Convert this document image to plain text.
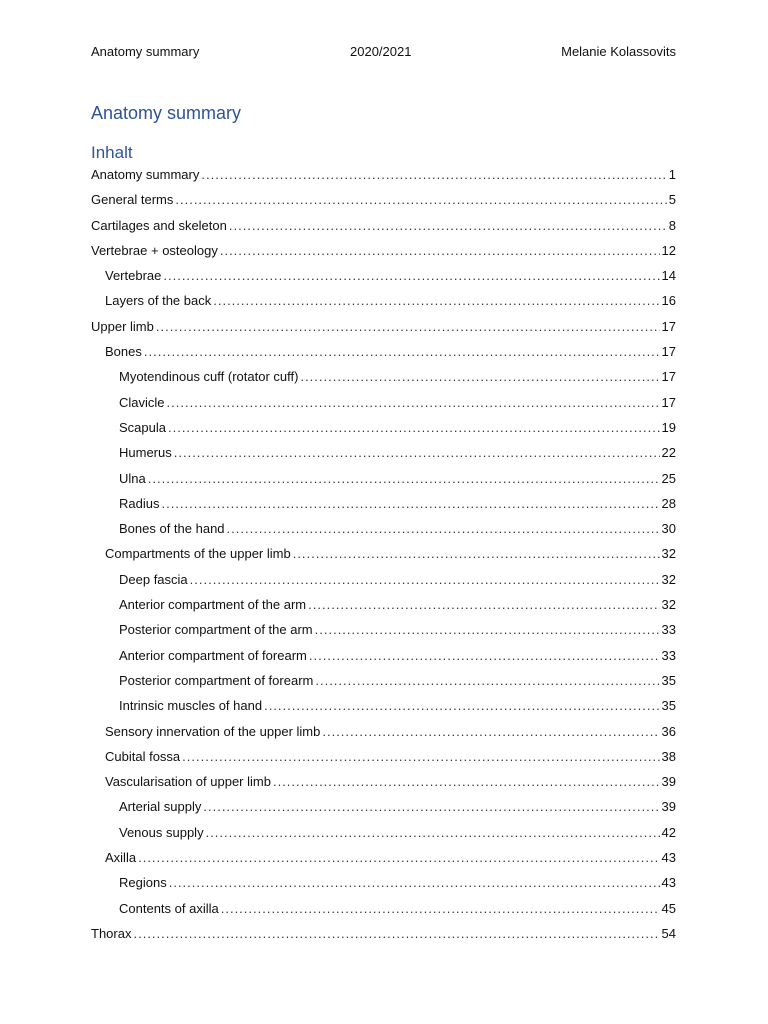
Anatomy summary	2020/2021	Melanie Kolassovits
Anatomy summary
Inhalt
Anatomy summary .....	1
General terms .....	5
Cartilages and skeleton .....	8
Vertebrae + osteology .....	12
Vertebrae .....	14
Layers of the back .....	16
Upper limb .....	17
Bones .....	17
Myotendinous cuff (rotator cuff) .....	17
Clavicle .....	17
Scapula .....	19
Humerus .....	22
Ulna .....	25
Radius .....	28
Bones of the hand .....	30
Compartments of the upper limb .....	32
Deep fascia .....	32
Anterior compartment of the arm .....	32
Posterior compartment of the arm .....	33
Anterior compartment of forearm .....	33
Posterior compartment of forearm .....	35
Intrinsic muscles of hand .....	35
Sensory innervation of the upper limb .....	36
Cubital fossa .....	38
Vascularisation of upper limb .....	39
Arterial supply .....	39
Venous supply .....	42
Axilla .....	43
Regions .....	43
Contents of axilla .....	45
Thorax .....	54
